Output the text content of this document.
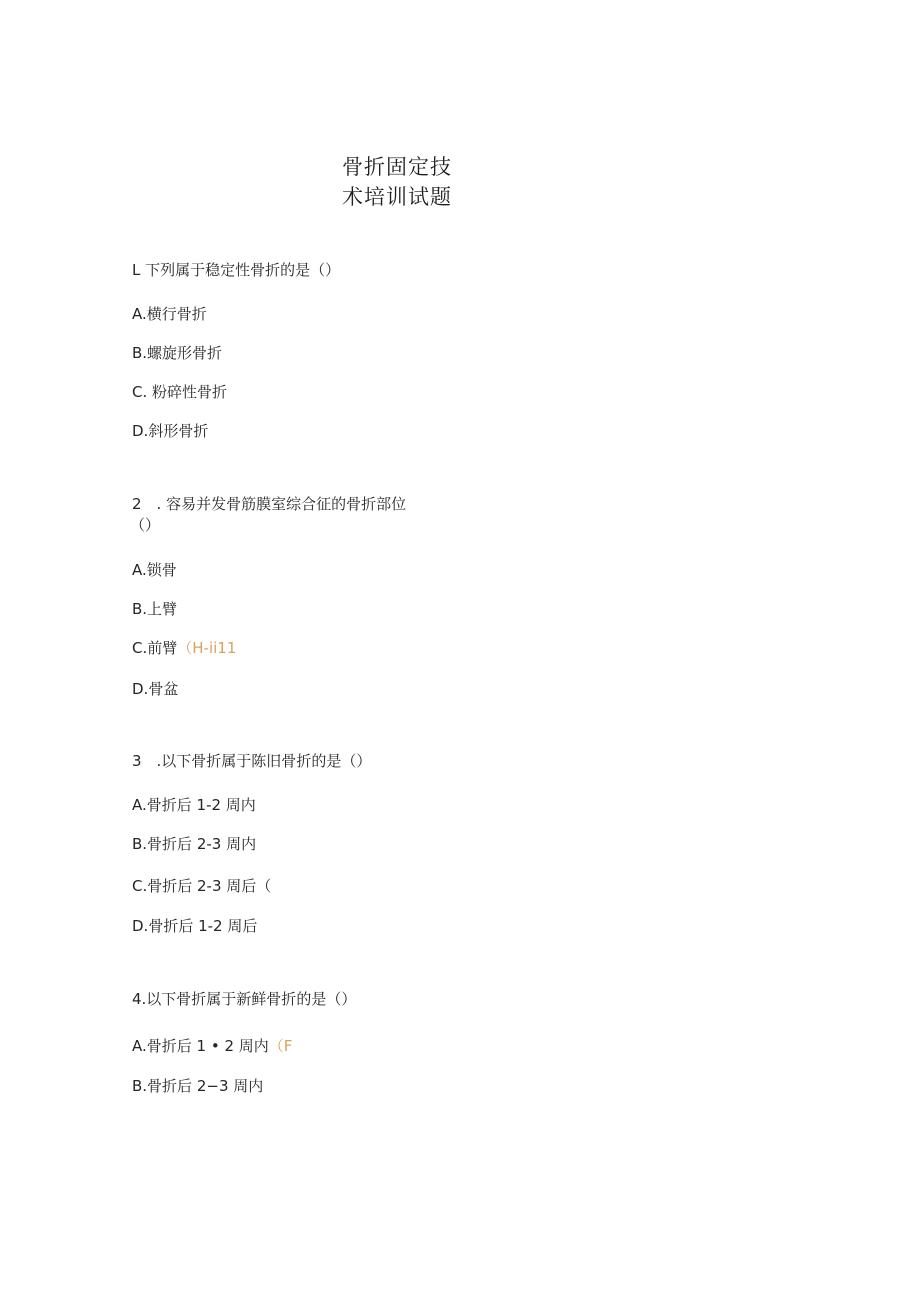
骨折固定技
术培训试题
L 下列属于稳定性骨折的是（）
A.横行骨折
B.螺旋形骨折
C. 粉碎性骨折
D.斜形骨折
2　. 容易并发骨筋膜室综合征的骨折部位
（）
A.锁骨
B.上臂
C.前臂（H-ii11
D.骨盆
3　.以下骨折属于陈旧骨折的是（）
A.骨折后 1-2 周内
B.骨折后 2-3 周内
C.骨折后 2-3 周后（
D.骨折后 1-2 周后
4.以下骨折属于新鲜骨折的是（）
A.骨折后 1 • 2 周内（F
B.骨折后 2−3 周内
